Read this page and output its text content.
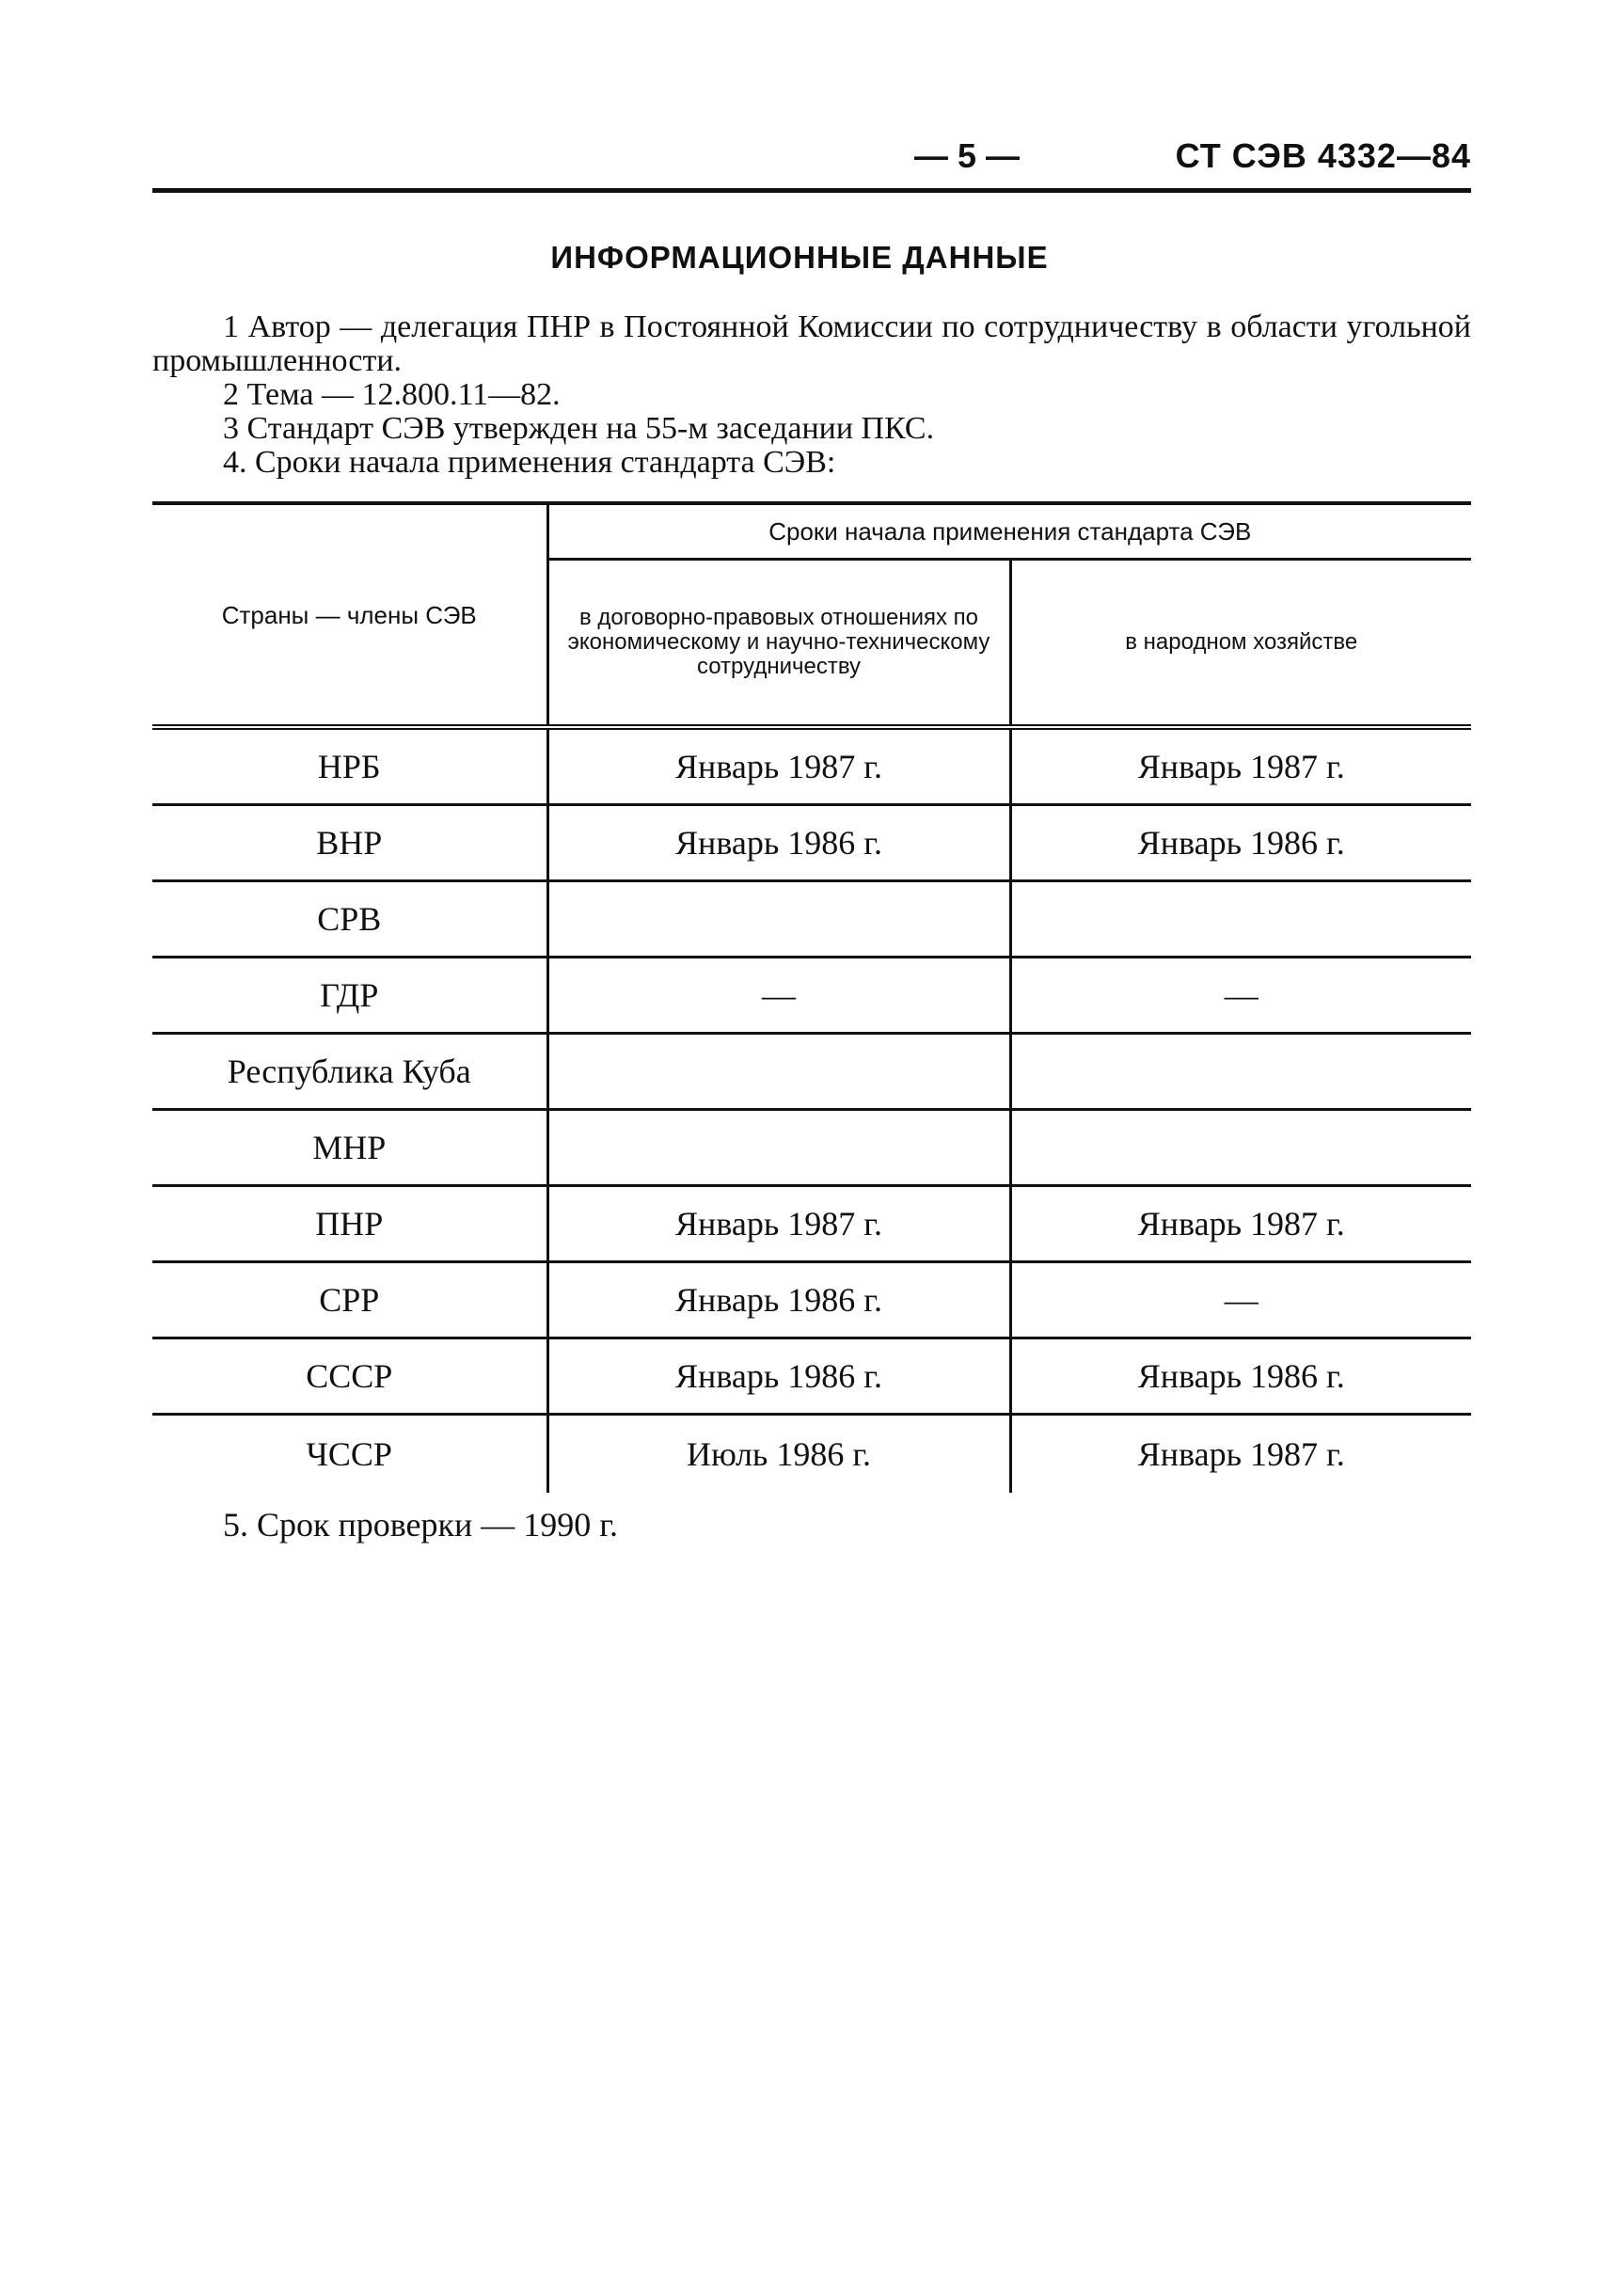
— 5 —	СТ СЭВ 4332—84
ИНФОРМАЦИОННЫЕ ДАННЫЕ

1 Автор — делегация ПНР в Постоянной Комиссии по сотрудничеству в области угольной промышленности.

2 Тема — 12.800.11—82.

3 Стандарт СЭВ утвержден на 55-м заседании ПКС.

4. Сроки начала применения стандарта СЭВ:

Страны — члены СЭВ	Сроки начала применения стандарта СЭВ	
	в договорно-правовых отношениях по экономическому и научно-техническому сотрудничеству	в народном хозяйстве
НРБ	Январь 1987 г.	Январь 1987 г.
ВНР	Январь 1986 г.	Январь 1986 г.
СРВ		
ГДР	—	—
Республика Куба		
МНР		
ПНР	Январь 1987 г.	Январь 1987 г.
СРР	Январь 1986 г.	—
СССР	Январь 1986 г.	Январь 1986 г.
ЧССР	Июль 1986 г.	Январь 1987 г.
5. Срок проверки — 1990 г.
